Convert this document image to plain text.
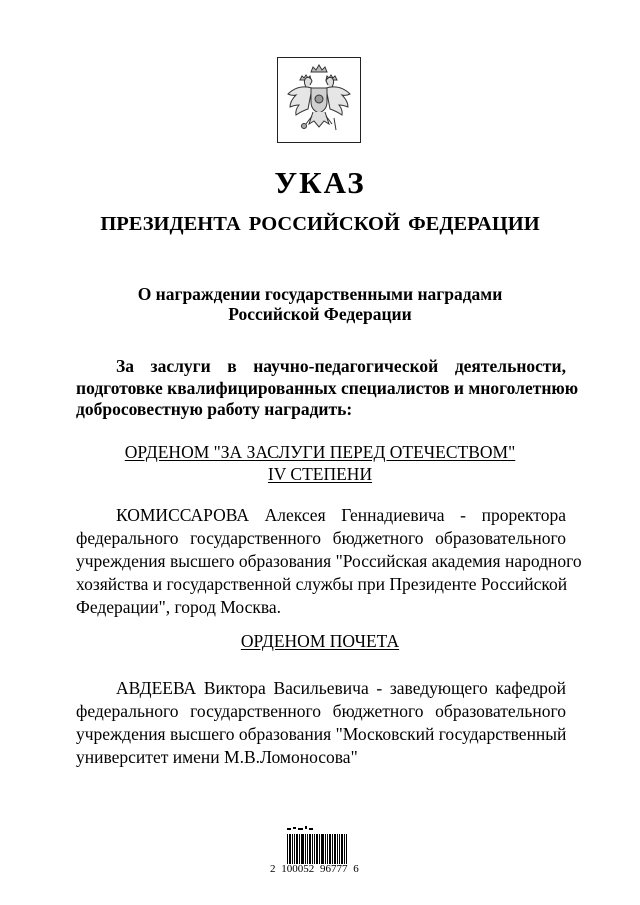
УКАЗ
ПРЕЗИДЕНТА РОССИЙСКОЙ ФЕДЕРАЦИИ
О награждении государственными наградами
Российской Федерации
За заслуги в научно-педагогической деятельности,
подготовке квалифицированных специалистов и многолетнюю
добросовестную работу наградить:
ОРДЕНОМ "ЗА ЗАСЛУГИ ПЕРЕД ОТЕЧЕСТВОМ"
IV СТЕПЕНИ
КОМИССАРОВА Алексея Геннадиевича - проректора
федерального государственного бюджетного образовательного
учреждения высшего образования "Российская академия народного
хозяйства и государственной службы при Президенте Российской
Федерации", город Москва.
ОРДЕНОМ ПОЧЕТА
АВДЕЕВА Виктора Васильевича - заведующего кафедрой
федерального государственного бюджетного образовательного
учреждения высшего образования "Московский государственный
университет имени М.В.Ломоносова"
2 100052 96777 6
